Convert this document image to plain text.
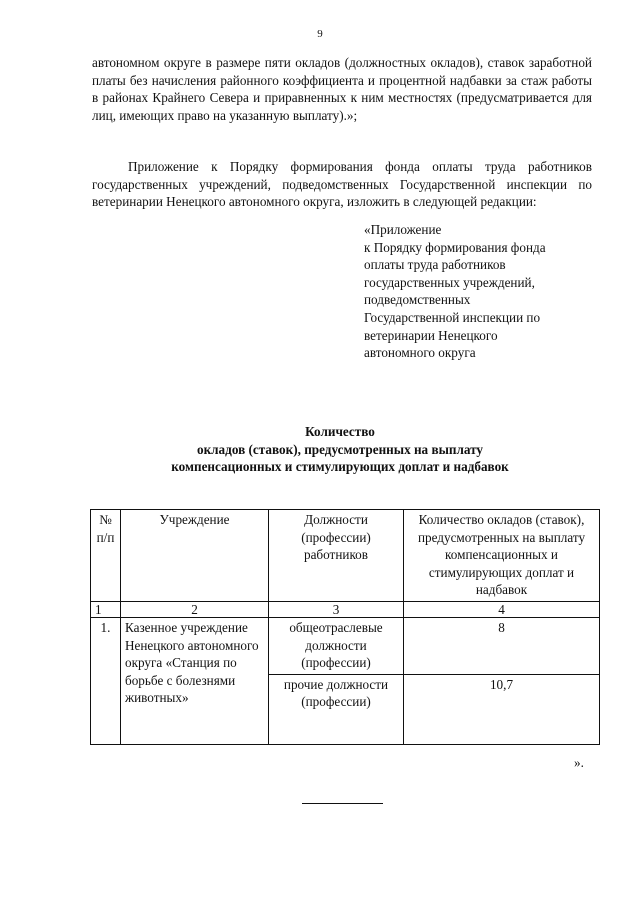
9

автономном округе в размере пяти окладов (должностных окладов), ставок заработной платы без начисления районного коэффициента и процентной надбавки за стаж работы в районах Крайнего Севера и приравненных к ним местностях (предусматривается для лиц, имеющих право на указанную выплату).»;

Приложение к Порядку формирования фонда оплаты труда работников государственных учреждений, подведомственных Государственной инспекции по ветеринарии Ненецкого автономного округа, изложить в следующей редакции:

«Приложение
к Порядку формирования фонда
оплаты труда работников
государственных учреждений,
подведомственных
Государственной инспекции по
ветеринарии Ненецкого
автономного округа
Количество
окладов (ставок), предусмотренных на выплату
компенсационных и стимулирующих доплат и надбавок
№ п/п	Учреждение	Должности (профессии) работников	Количество окладов (ставок), предусмотренных на выплату компенсационных и стимулирующих доплат и надбавок
1	2	3	4
1.	Казенное учреждение Ненецкого автономного округа «Станция по борьбе с болезнями животных»	общеотраслевые должности (профессии)	8
		прочие должности (профессии)	10,7
».
